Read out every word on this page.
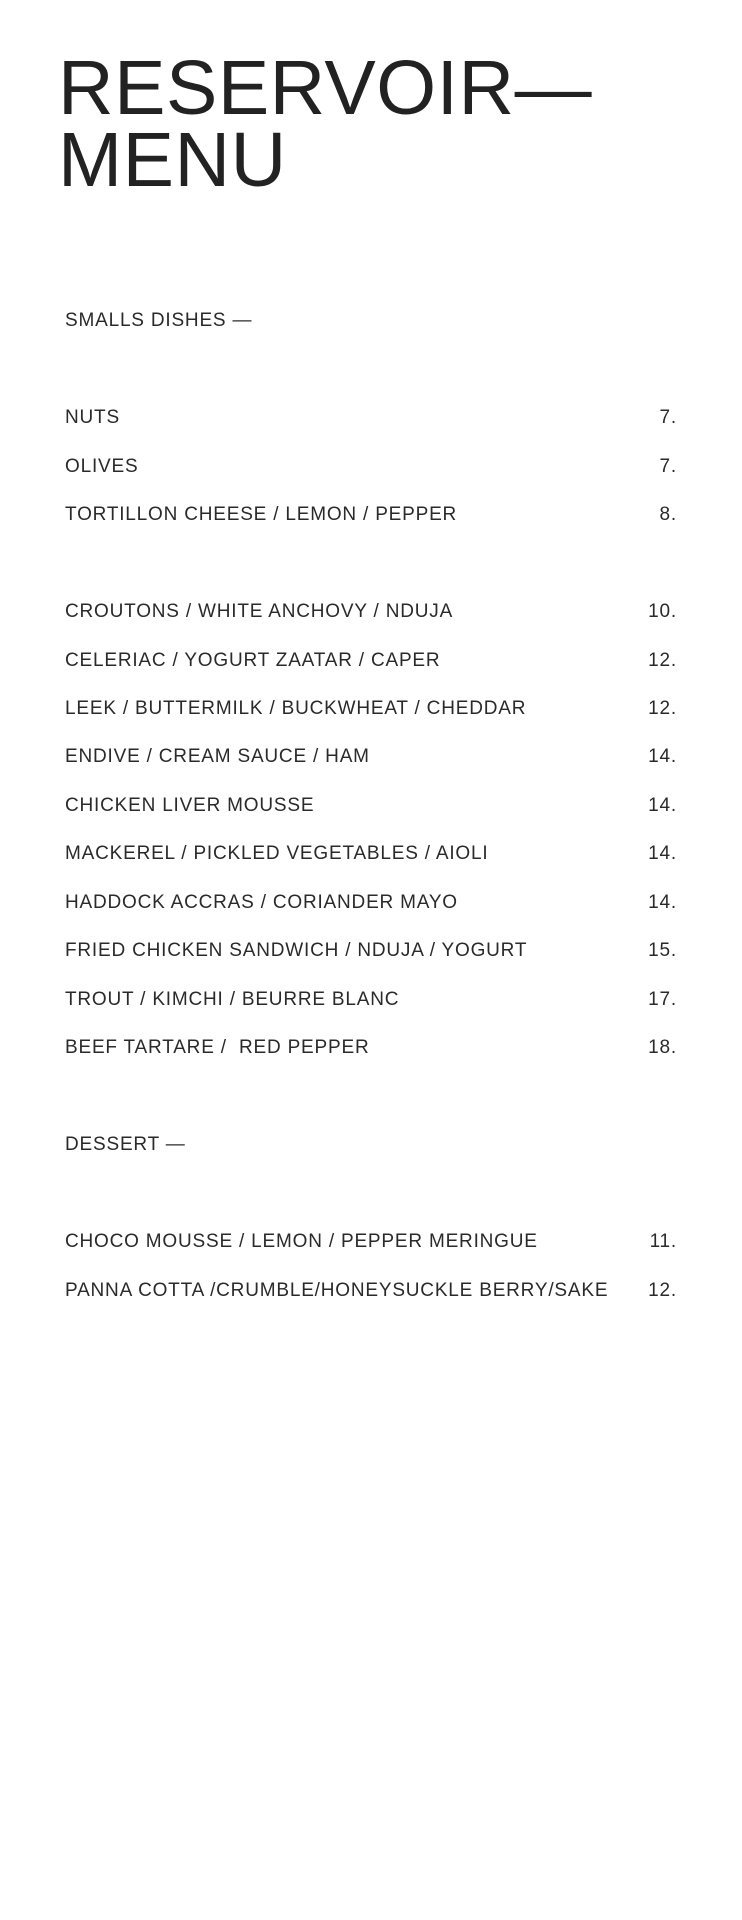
RESERVOIR—
MENU
SMALLS DISHES —
NUTS	7.
OLIVES	7.
TORTILLON CHEESE / LEMON / PEPPER	8.
CROUTONS / WHITE ANCHOVY / NDUJA	10.
CELERIAC / YOGURT ZAATAR / CAPER	12.
LEEK / BUTTERMILK / BUCKWHEAT / CHEDDAR	12.
ENDIVE / CREAM SAUCE / HAM	14.
CHICKEN LIVER MOUSSE	14.
MACKEREL / PICKLED VEGETABLES / AIOLI	14.
HADDOCK ACCRAS / CORIANDER MAYO	14.
FRIED CHICKEN SANDWICH / NDUJA / YOGURT	15.
TROUT / KIMCHI / BEURRE BLANC	17.
BEEF TARTARE /  RED PEPPER	18.
DESSERT —
CHOCO MOUSSE / LEMON / PEPPER MERINGUE	11.
PANNA COTTA /CRUMBLE/HONEYSUCKLE BERRY/SAKE 12.
